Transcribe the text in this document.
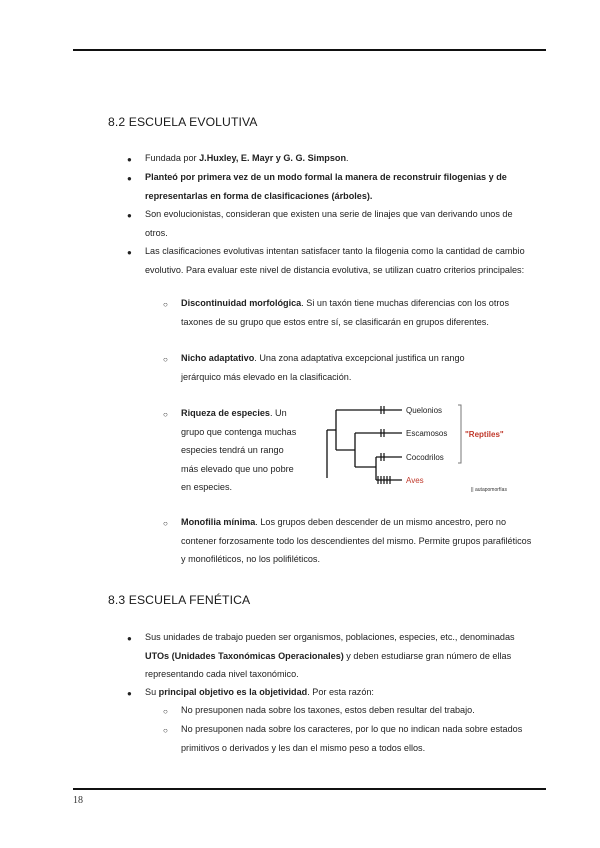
8.2 ESCUELA EVOLUTIVA
● Fundada por J.Huxley, E. Mayr y G. G. Simpson.
● Planteó por primera vez de un modo formal la manera de reconstruir filogenias y de representarlas en forma de clasificaciones (árboles).
● Son evolucionistas, consideran que existen una serie de linajes que van derivando unos de otros.
● Las clasificaciones evolutivas intentan satisfacer tanto la filogenia como la cantidad de cambio evolutivo. Para evaluar este nivel de distancia evolutiva, se utilizan cuatro criterios principales:
○ Discontinuidad morfológica. Si un taxón tiene muchas diferencias con los otros taxones de su grupo que estos entre sí, se clasificarán en grupos diferentes.
○ Nicho adaptativo. Una zona adaptativa excepcional justifica un rango jerárquico más elevado en la clasificación.
○ Riqueza de especies. Un grupo que contenga muchas especies tendrá un rango más elevado que uno pobre en especies.
Quelonios
Escamosos
Cocodrilos
Aves
"Reptiles"
|| autapomorfías
○ Monofilia mínima. Los grupos deben descender de un mismo ancestro, pero no contener forzosamente todo los descendientes del mismo. Permite grupos parafiléticos y monofiléticos, no los polifiléticos.
8.3 ESCUELA FENÉTICA
● Sus unidades de trabajo pueden ser organismos, poblaciones, especies, etc., denominadas UTOs (Unidades Taxonómicas Operacionales) y deben estudiarse gran número de ellas representando cada nivel taxonómico.
● Su principal objetivo es la objetividad. Por esta razón:
○ No presuponen nada sobre los taxones, estos deben resultar del trabajo.
○ No presuponen nada sobre los caracteres, por lo que no indican nada sobre estados primitivos o derivados y les dan el mismo peso a todos ellos.
18
